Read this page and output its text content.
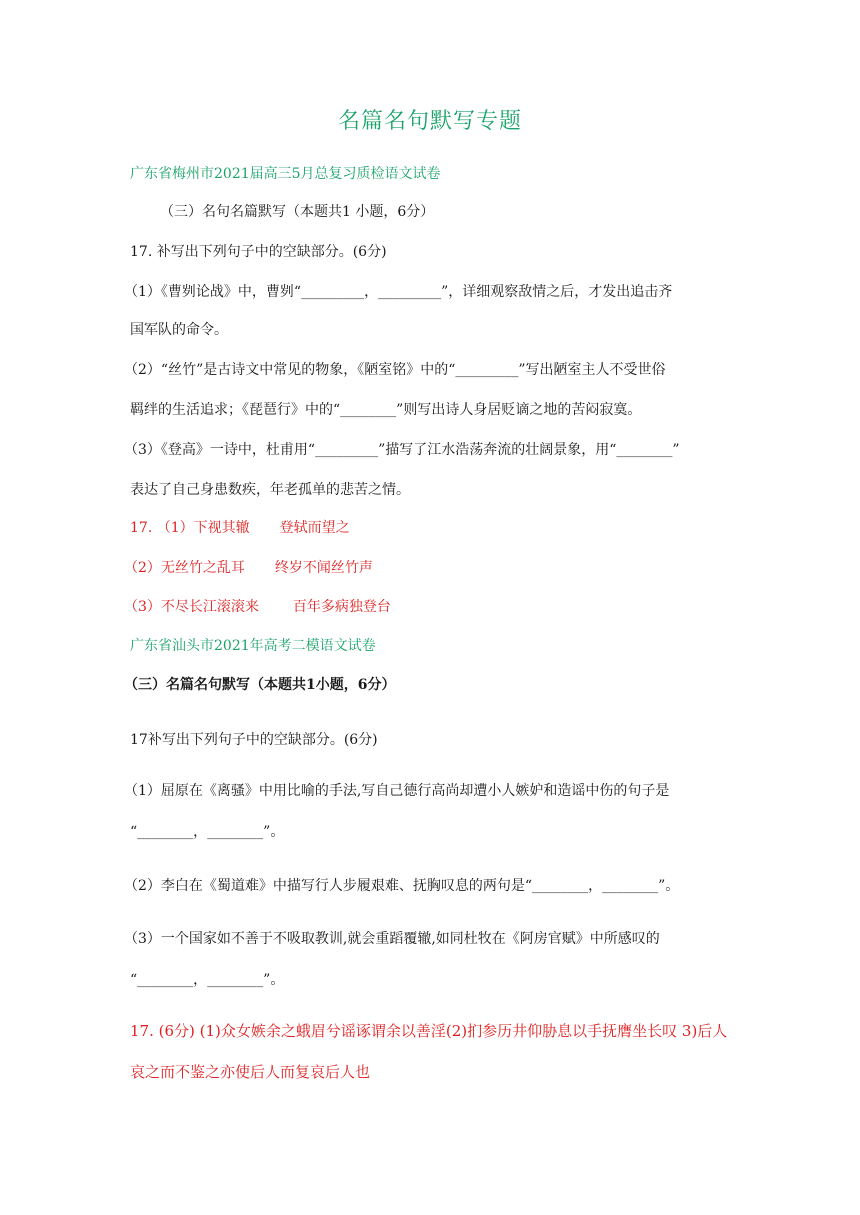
名篇名句默写专题
广东省梅州市2021届高三5月总复习质检语文试卷
（三）名句名篇默写（本题共1 小题，6分）
17. 补写出下列句子中的空缺部分。(6分)
（1）《曹刿论战》中，曹刿“_________，_________”，详细观察敌情之后，才发出追击齐
国军队的命令。
（2）“丝竹”是古诗文中常见的物象，《陋室铭》中的“_________”写出陋室主人不受世俗
羁绊的生活追求；《琵琶行》中的“________”则写出诗人身居贬谪之地的苦闷寂寞。
（3）《登高》一诗中，杜甫用“_________”描写了江水浩荡奔流的壮阔景象，用“________”
表达了自己身患数疾，年老孤单的悲苦之情。
17. （1）下视其辙 登轼而望之
（2）无丝竹之乱耳 终岁不闻丝竹声
（3）不尽长江滚滚来 百年多病独登台
广东省汕头市2021年高考二模语文试卷
（三）名篇名句默写（本题共1小题，6分）
17补写出下列句子中的空缺部分。(6分)
（1）屈原在《离骚》中用比喻的手法,写自己德行高尚却遭小人嫉妒和造谣中伤的句子是
“________，________”。
（2）李白在《蜀道难》中描写行人步履艰难、抚胸叹息的两句是“________，________”。
（3）一个国家如不善于不吸取教训,就会重蹈覆辙,如同杜牧在《阿房官赋》中所感叹的
“________，________”。
17. (6分) (1)众女嫉余之蛾眉兮谣诼谓余以善淫(2)扪参历井仰胁息以手抚膺坐长叹 3)后人
哀之而不鉴之亦使后人而复哀后人也
